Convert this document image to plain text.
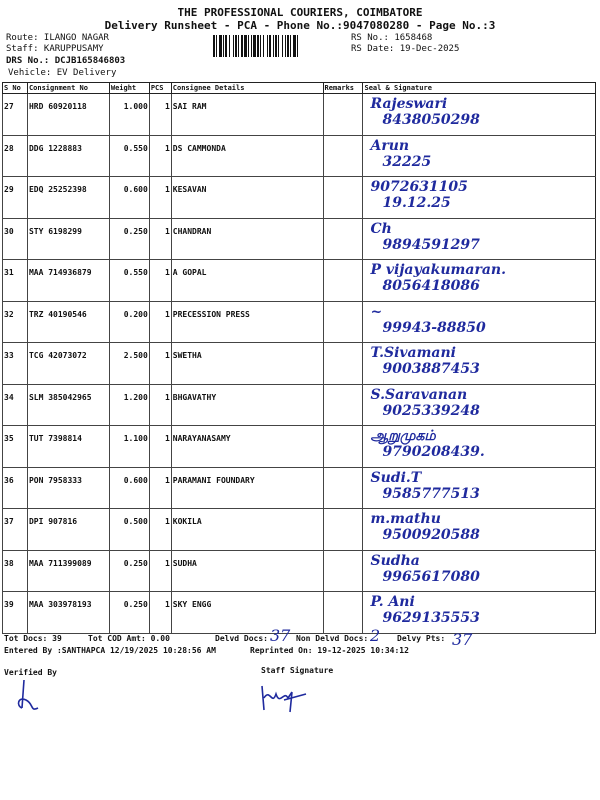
THE PROFESSIONAL COURIERS, COIMBATORE
Delivery Runsheet - PCA - Phone No.:9047080280 - Page No.:3
Route: ILANGO NAGAR
Staff: KARUPPUSAMY
DRS No.: DCJB165846803
Vehicle: EV Delivery
RS No.: 1658468
RS Date: 19-Dec-2025
S No	Consignment No	Weight	PCS	Consignee Details	Remarks	Seal & Signature

27	HRD 60920118	1.000	1	SAI RAM		Rajeswari
8438050298

28	DDG 1228883	0.550	1	DS CAMMONDA		Arun
32225

29	EDQ 25252398	0.600	1	KESAVAN		9072631105
19.12.25

30	STY 6198299	0.250	1	CHANDRAN		Ch
9894591297

31	MAA 714936879	0.550	1	A GOPAL		P vijayakumaran.
8056418086

32	TRZ 40190546	0.200	1	PRECESSION PRESS		~
99943-88850

33	TCG 42073072	2.500	1	SWETHA		T.Sivamani
9003887453

34	SLM 385042965	1.200	1	BHGAVATHY		S.Saravanan
9025339248

35	TUT 7398814	1.100	1	NARAYANASAMY		ஆறுமுகம்
9790208439.

36	PON 7958333	0.600	1	PARAMANI FOUNDARY		Sudi.T
9585777513

37	DPI 907816	0.500	1	KOKILA		m.mathu
9500920588

38	MAA 711399089	0.250	1	SUDHA		Sudha
9965617080

39	MAA 303978193	0.250	1	SKY ENGG		P. Ani
9629135553
Tot Docs: 39	Tot COD Amt: 0.00	Delvd Docs: 37 Non Delvd Docs: 2 Delvy Pts: 37
Entered By :SANTHAPCA 12/19/2025 10:28:56 AM	Reprinted On: 19-12-2025 10:34:12
Verified By	Staff Signature
